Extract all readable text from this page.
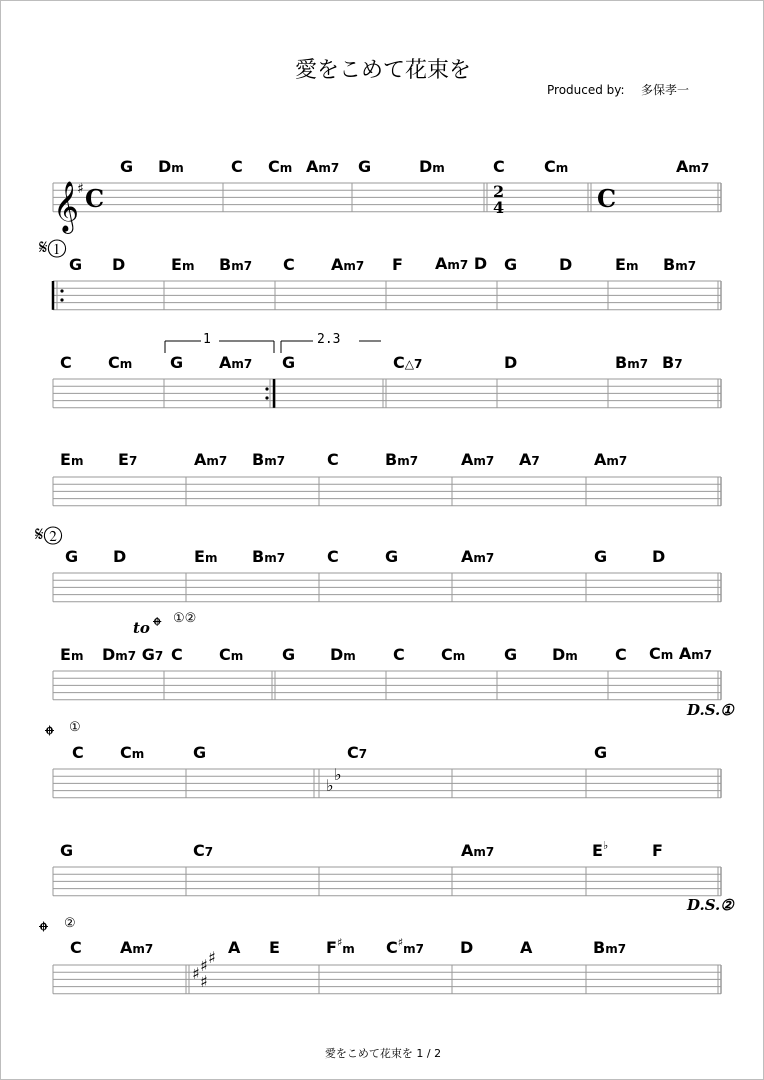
愛をこめて花束を
Produced by: 多保孝一
𝄞
♯ C	2
4	C
♭
♭
♯ ♯ ♯
♯
G Dm	C Cm Am7 G	Dm	C Cm	Am7
𝄋①
G D	Em Bm7 C Am7 F Am7 D G	D	Em Bm7
1	2.3
C Cm G Am7 G	C△7	D	Bm7 B7
Em E7	Am7 Bm7	C	Bm7	Am7 A7	Am7
𝄋②
G D	Em Bm7	C	G	Am7	G	D
to 𝄌 ①②
Em Dm7 G7 C Cm G Dm C Cm G Dm C Cm Am7
D.S.①
𝄌 ①
C Cm	G	C7	G
G	C7	Am7	E♭	F
D.S.②
𝄌 ②
C Am7	A E	F♯m C♯m7 D	A	Bm7
愛をこめて花束を 1 / 2
